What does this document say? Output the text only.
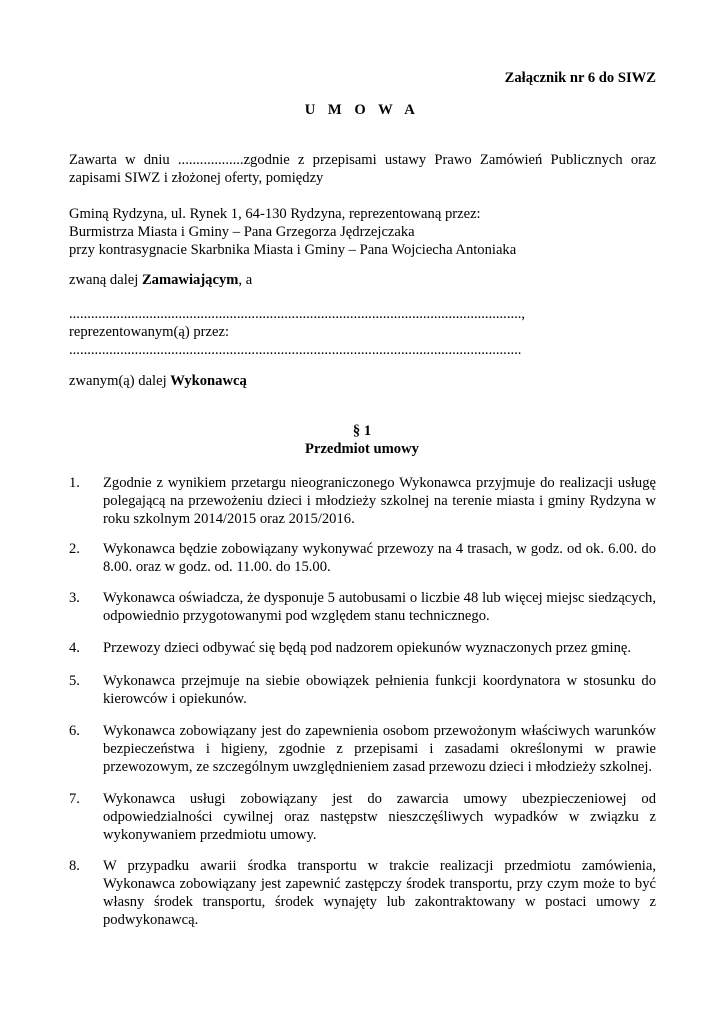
Załącznik nr 6 do SIWZ
U M O W A
Zawarta w dniu ..................zgodnie z przepisami ustawy Prawo Zamówień Publicznych oraz zapisami SIWZ i złożonej oferty, pomiędzy
Gminą Rydzyna, ul. Rynek 1, 64-130 Rydzyna, reprezentowaną przez:
Burmistrza Miasta i Gminy – Pana Grzegorza Jędrzejczaka
przy kontrasygnacie Skarbnika Miasta i Gminy – Pana Wojciecha Antoniaka
zwaną dalej Zamawiającym, a
............................................................................................................................,
reprezentowanym(ą) przez:
............................................................................................................................
zwanym(ą) dalej Wykonawcą
§ 1
Przedmiot umowy
1. Zgodnie z wynikiem przetargu nieograniczonego Wykonawca przyjmuje do realizacji usługę polegającą na przewożeniu dzieci i młodzieży szkolnej na terenie miasta i gminy Rydzyna w roku szkolnym 2014/2015 oraz 2015/2016.
2. Wykonawca będzie zobowiązany wykonywać przewozy na 4 trasach, w godz. od ok. 6.00. do 8.00. oraz w godz. od. 11.00. do 15.00.
3. Wykonawca oświadcza, że dysponuje 5 autobusami o liczbie 48 lub więcej miejsc siedzących, odpowiednio przygotowanymi pod względem stanu technicznego.
4. Przewozy dzieci odbywać się będą pod nadzorem opiekunów wyznaczonych przez gminę.
5. Wykonawca przejmuje na siebie obowiązek pełnienia funkcji koordynatora w stosunku do kierowców i opiekunów.
6. Wykonawca zobowiązany jest do zapewnienia osobom przewożonym właściwych warunków bezpieczeństwa i higieny, zgodnie z przepisami i zasadami określonymi w prawie przewozowym, ze szczególnym uwzględnieniem zasad przewozu dzieci i młodzieży szkolnej.
7. Wykonawca usługi zobowiązany jest do zawarcia umowy ubezpieczeniowej od odpowiedzialności cywilnej oraz następstw nieszczęśliwych wypadków w związku z wykonywaniem przedmiotu umowy.
8. W przypadku awarii środka transportu w trakcie realizacji przedmiotu zamówienia, Wykonawca zobowiązany jest zapewnić zastępczy środek transportu, przy czym może to być własny środek transportu, środek wynajęty lub zakontraktowany w postaci umowy z podwykonawcą.
